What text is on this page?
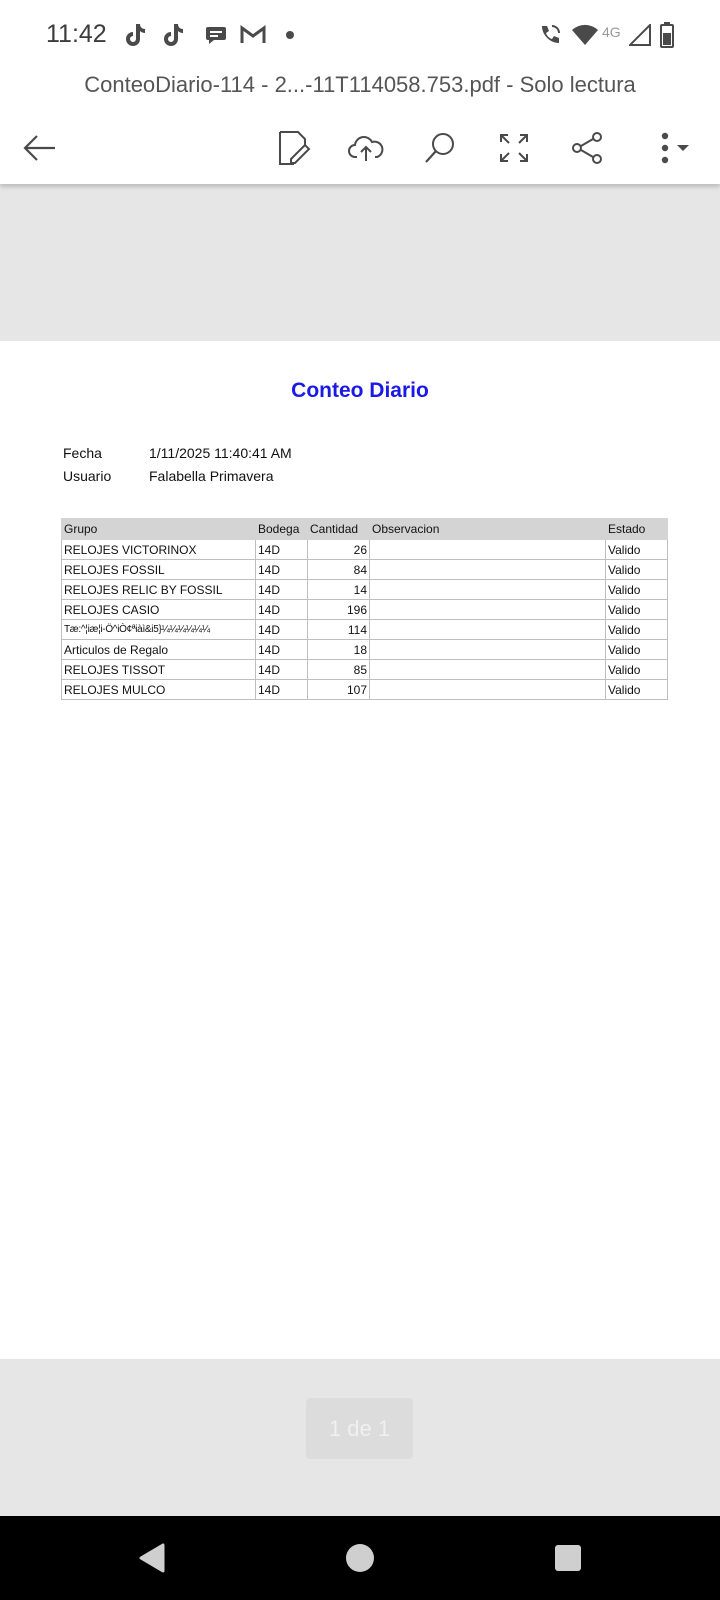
11:42	4G
ConteoDiario-114 - 2...-11T114058.753.pdf - Solo lectura
Conteo Diario
Fecha	1/11/2025 11:40:41 AM
Usuario	Falabella Primavera
Grupo	Bodega	Cantidad	Observacion	Estado
RELOJES VICTORINOX	14D	26		Valido
RELOJES FOSSIL	14D	84		Valido
RELOJES RELIC BY FOSSIL	14D	14		Valido
RELOJES CASIO	14D	196		Valido
Tæ:^¦iæ¦i-Ö^iÒ¢ªiàì&i5}¼¼¼¼¼¼	14D	114		Valido
Articulos de Regalo	14D	18		Valido
RELOJES TISSOT	14D	85		Valido
RELOJES MULCO	14D	107		Valido
1 de 1
